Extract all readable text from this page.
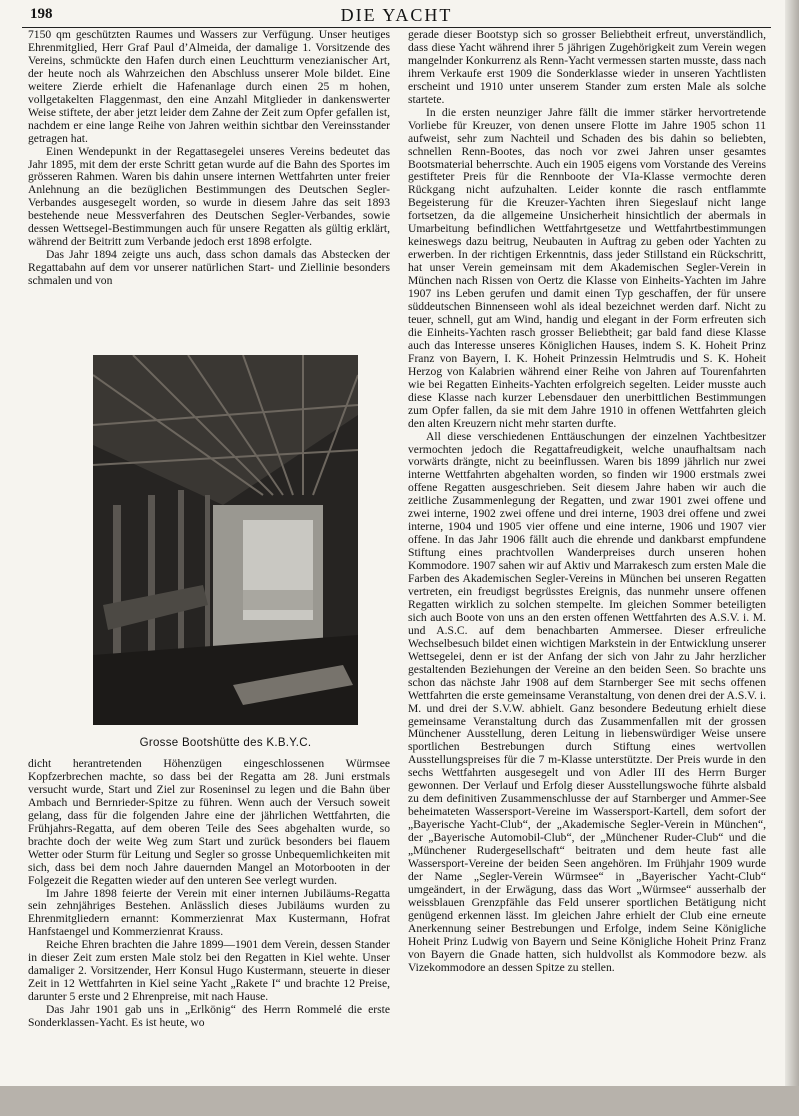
198	DIE YACHT

7150 qm geschützten Raumes und Wassers zur Verfügung. Unser heutiges Ehrenmitglied, Herr Graf Paul d’Almeida, der damalige 1. Vorsitzende des Vereins, schmückte den Hafen durch einen Leuchtturm venezianischer Art, der heute noch als Wahrzeichen den Abschluss unserer Mole bildet. Eine weitere Zierde erhielt die Hafenanlage durch einen 25 m hohen, vollgetakelten Flaggenmast, den eine Anzahl Mitglieder in dankenswerter Weise stiftete, der aber jetzt leider dem Zahne der Zeit zum Opfer gefallen ist, nachdem er eine lange Reihe von Jahren weithin sichtbar den Vereinsstander getragen hat.

Einen Wendepunkt in der Regattasegelei unseres Vereins bedeutet das Jahr 1895, mit dem der erste Schritt getan wurde auf die Bahn des Sportes im grösseren Rahmen. Waren bis dahin unsere internen Wettfahrten unter freier Anlehnung an die bezüglichen Bestimmungen des Deutschen Segler-Verbandes ausgesegelt worden, so wurde in diesem Jahre das seit 1893 bestehende neue Messverfahren des Deutschen Segler-Verbandes, sowie dessen Wettsegel-Bestimmungen auch für unsere Regatten als gültig erklärt, während der Beitritt zum Verbande jedoch erst 1898 erfolgte.

Das Jahr 1894 zeigte uns auch, dass schon damals das Abstecken der Regattabahn auf dem vor unserer natürlichen Start- und Ziellinie besonders schmalen und von

Grosse Bootshütte des K.B.Y.C.

dicht herantretenden Höhenzügen eingeschlossenen Würmsee Kopfzerbrechen machte, so dass bei der Regatta am 28. Juni erstmals versucht wurde, Start und Ziel zur Roseninsel zu legen und die Bahn über Ambach und Bernrieder-Spitze zu führen. Wenn auch der Versuch soweit gelang, dass für die folgenden Jahre eine der jährlichen Wettfahrten, die Frühjahrs-Regatta, auf dem oberen Teile des Sees abgehalten wurde, so brachte doch der weite Weg zum Start und zurück besonders bei flauem Wetter oder Sturm für Leitung und Segler so grosse Unbequemlichkeiten mit sich, dass bei dem noch Jahre dauernden Mangel an Motorbooten in der Folgezeit die Regatten wieder auf den unteren See verlegt wurden.

Im Jahre 1898 feierte der Verein mit einer internen Jubiläums-Regatta sein zehnjähriges Bestehen. Anlässlich dieses Jubiläums wurden zu Ehrenmitgliedern ernannt: Kommerzienrat Max Kustermann, Hofrat Hanfstaengel und Kommerzienrat Krauss.

Reiche Ehren brachten die Jahre 1899—1901 dem Verein, dessen Stander in dieser Zeit zum ersten Male stolz bei den Regatten in Kiel wehte. Unser damaliger 2. Vorsitzender, Herr Konsul Hugo Kustermann, steuerte in dieser Zeit in 12 Wettfahrten in Kiel seine Yacht „Rakete I“ und brachte 12 Preise, darunter 5 erste und 2 Ehrenpreise, mit nach Hause.

Das Jahr 1901 gab uns in „Erlkönig“ des Herrn Rommelé die erste Sonderklassen-Yacht. Es ist heute, wo

gerade dieser Bootstyp sich so grosser Beliebtheit erfreut, unverständlich, dass diese Yacht während ihrer 5 jährigen Zugehörigkeit zum Verein wegen mangelnder Konkurrenz als Renn-Yacht vermessen starten musste, dass nach ihrem Verkaufe erst 1909 die Sonderklasse wieder in unseren Yachtlisten erscheint und 1910 unter unserem Stander zum ersten Male als solche startete.

In die ersten neunziger Jahre fällt die immer stärker hervortretende Vorliebe für Kreuzer, von denen unsere Flotte im Jahre 1905 schon 11 aufweist, sehr zum Nachteil und Schaden des bis dahin so beliebten, schnellen Renn-Bootes, das noch vor zwei Jahren unser gesamtes Bootsmaterial beherrschte. Auch ein 1905 eigens vom Vorstande des Vereins gestifteter Preis für die Rennboote der VIa-Klasse vermochte deren Rückgang nicht aufzuhalten. Leider konnte die rasch entflammte Begeisterung für die Kreuzer-Yachten ihren Siegeslauf nicht lange fortsetzen, da die allgemeine Unsicherheit hinsichtlich der abermals in Umarbeitung befindlichen Wettfahrtgesetze und Wettfahrtbestimmungen keineswegs dazu beitrug, Neubauten in Auftrag zu geben oder Yachten zu erwerben. In der richtigen Erkenntnis, dass jeder Stillstand ein Rückschritt, hat unser Verein gemeinsam mit dem Akademischen Segler-Verein in München nach Rissen von Oertz die Klasse von Einheits-Yachten im Jahre 1907 ins Leben gerufen und damit einen Typ geschaffen, der für unsere süddeutschen Binnenseen wohl als ideal bezeichnet werden darf. Nicht zu teuer, schnell, gut am Wind, handig und elegant in der Form erfreuten sich die Einheits-Yachten rasch grosser Beliebtheit; gar bald fand diese Klasse auch das Interesse unseres Königlichen Hauses, indem S. K. Hoheit Prinz Franz von Bayern, I. K. Hoheit Prinzessin Helmtrudis und S. K. Hoheit Herzog von Kalabrien während einer Reihe von Jahren auf Tourenfahrten wie bei Regatten Einheits-Yachten erfolgreich segelten. Leider musste auch diese Klasse nach kurzer Lebensdauer den unerbittlichen Bestimmungen zum Opfer fallen, da sie mit dem Jahre 1910 in offenen Wettfahrten gleich den alten Kreuzern nicht mehr starten durfte.

All diese verschiedenen Enttäuschungen der einzelnen Yachtbesitzer vermochten jedoch die Regattafreudigkeit, welche unaufhaltsam nach vorwärts drängte, nicht zu beeinflussen. Waren bis 1899 jährlich nur zwei interne Wettfahrten abgehalten worden, so finden wir 1900 erstmals zwei offene Regatten ausgeschrieben. Seit diesem Jahre haben wir auch die zeitliche Zusammenlegung der Regatten, und zwar 1901 zwei offene und zwei interne, 1902 zwei offene und drei interne, 1903 drei offene und zwei interne, 1904 und 1905 vier offene und eine interne, 1906 und 1907 vier offene. In das Jahr 1906 fällt auch die ehrende und dankbarst empfundene Stiftung eines prachtvollen Wanderpreises durch unseren hohen Kommodore. 1907 sahen wir auf Aktiv und Marrakesch zum ersten Male die Farben des Akademischen Segler-Vereins in München bei unseren Regatten vertreten, ein freudigst begrüsstes Ereignis, das nunmehr unsere offenen Regatten wirklich zu solchen stempelte. Im gleichen Sommer beteiligten sich auch Boote von uns an den ersten offenen Wettfahrten des A.S.V. i. M. und A.S.C. auf dem benachbarten Ammersee. Dieser erfreuliche Wechselbesuch bildet einen wichtigen Markstein in der Entwicklung unserer Wettsegelei, denn er ist der Anfang der sich von Jahr zu Jahr herzlicher gestaltenden Beziehungen der Vereine an den beiden Seen. So brachte uns schon das nächste Jahr 1908 auf dem Starnberger See mit sechs offenen Wettfahrten die erste gemeinsame Veranstaltung, von denen drei der A.S.V. i. M. und drei der S.V.W. abhielt. Ganz besondere Bedeutung erhielt diese gemeinsame Veranstaltung durch das Zusammenfallen mit der grossen Münchener Ausstellung, deren Leitung in liebenswürdiger Weise unsere sportlichen Bestrebungen durch Stiftung eines wertvollen Ausstellungspreises für die 7 m-Klasse unterstützte. Der Preis wurde in den sechs Wettfahrten ausgesegelt und von Adler III des Herrn Burger gewonnen. Der Verlauf und Erfolg dieser Ausstellungswoche führte alsbald zu dem definitiven Zusammenschlusse der auf Starnberger und Ammer-See beheimateten Wassersport-Vereine im Wassersport-Kartell, dem sofort der „Bayerische Yacht-Club“, der „Akademische Segler-Verein in München“, der „Bayerische Automobil-Club“, der „Münchener Ruder-Club“ und die „Münchener Rudergesellschaft“ beitraten und dem heute fast alle Wassersport-Vereine der beiden Seen angehören. Im Frühjahr 1909 wurde der Name „Segler-Verein Würmsee“ in „Bayerischer Yacht-Club“ umgeändert, in der Erwägung, dass das Wort „Würmsee“ ausserhalb der weissblauen Grenzpfähle das Feld unserer sportlichen Betätigung nicht genügend erkennen lässt. Im gleichen Jahre erhielt der Club eine erneute Anerkennung seiner Bestrebungen und Erfolge, indem Seine Königliche Hoheit Prinz Ludwig von Bayern und Seine Königliche Hoheit Prinz Franz von Bayern die Gnade hatten, sich huldvollst als Kommodore bezw. als Vizekommodore an dessen Spitze zu stellen.
